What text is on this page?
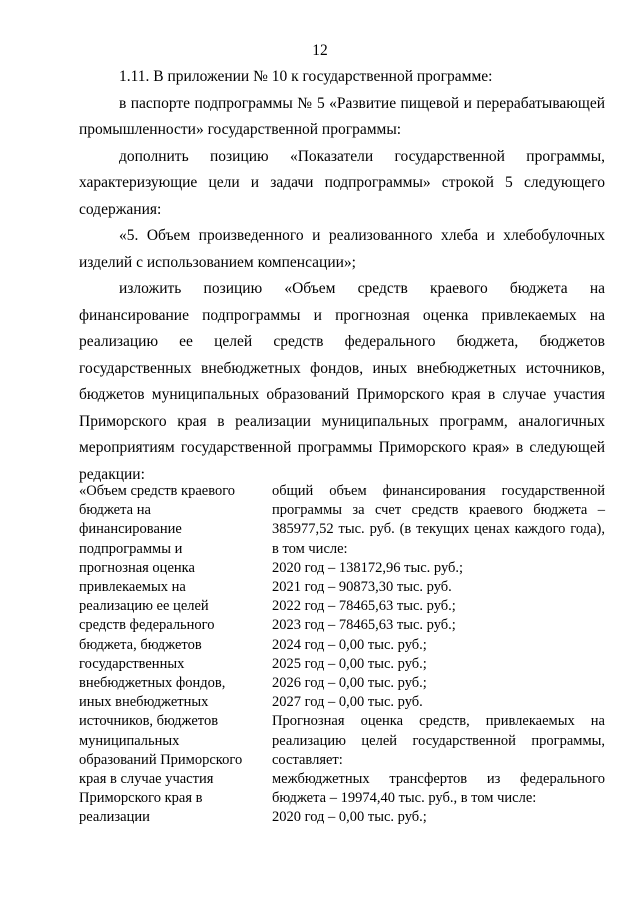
12

1.11. В приложении № 10 к государственной программе:

в паспорте подпрограммы № 5 «Развитие пищевой и перерабатывающей промышленности» государственной программы:

дополнить позицию «Показатели государственной программы, характеризующие цели и задачи подпрограммы» строкой 5 следующего содержания:

«5. Объем произведенного и реализованного хлеба и хлебобулочных изделий с использованием компенсации»;

изложить позицию «Объем средств краевого бюджета на финансирование подпрограммы и прогнозная оценка привлекаемых на реализацию ее целей средств федерального бюджета, бюджетов государственных внебюджетных фондов, иных внебюджетных источников, бюджетов муниципальных образований Приморского края в случае участия Приморского края в реализации муниципальных программ, аналогичных мероприятиям государственной программы Приморского края» в следующей редакции:

«Объем средств краевого
бюджета на
финансирование
подпрограммы и
прогнозная оценка
привлекаемых на
реализацию ее целей
средств федерального
бюджета, бюджетов
государственных
внебюджетных фондов,
иных внебюджетных
источников, бюджетов
муниципальных
образований Приморского
края в случае участия
Приморского края в
реализации

общий объем финансирования государственной программы за счет средств краевого бюджета – 385977,52 тыс. руб. (в текущих ценах каждого года), в том числе:

2020 год – 138172,96 тыс. руб.;

2021 год – 90873,30 тыс. руб.

2022 год – 78465,63 тыс. руб.;

2023 год – 78465,63 тыс. руб.;

2024 год – 0,00 тыс. руб.;

2025 год – 0,00 тыс. руб.;

2026 год – 0,00 тыс. руб.;

2027 год – 0,00 тыс. руб.

Прогнозная оценка средств, привлекаемых на реализацию целей государственной программы, составляет:

межбюджетных трансфертов из федерального бюджета – 19974,40 тыс. руб., в том числе:

2020 год – 0,00 тыс. руб.;
